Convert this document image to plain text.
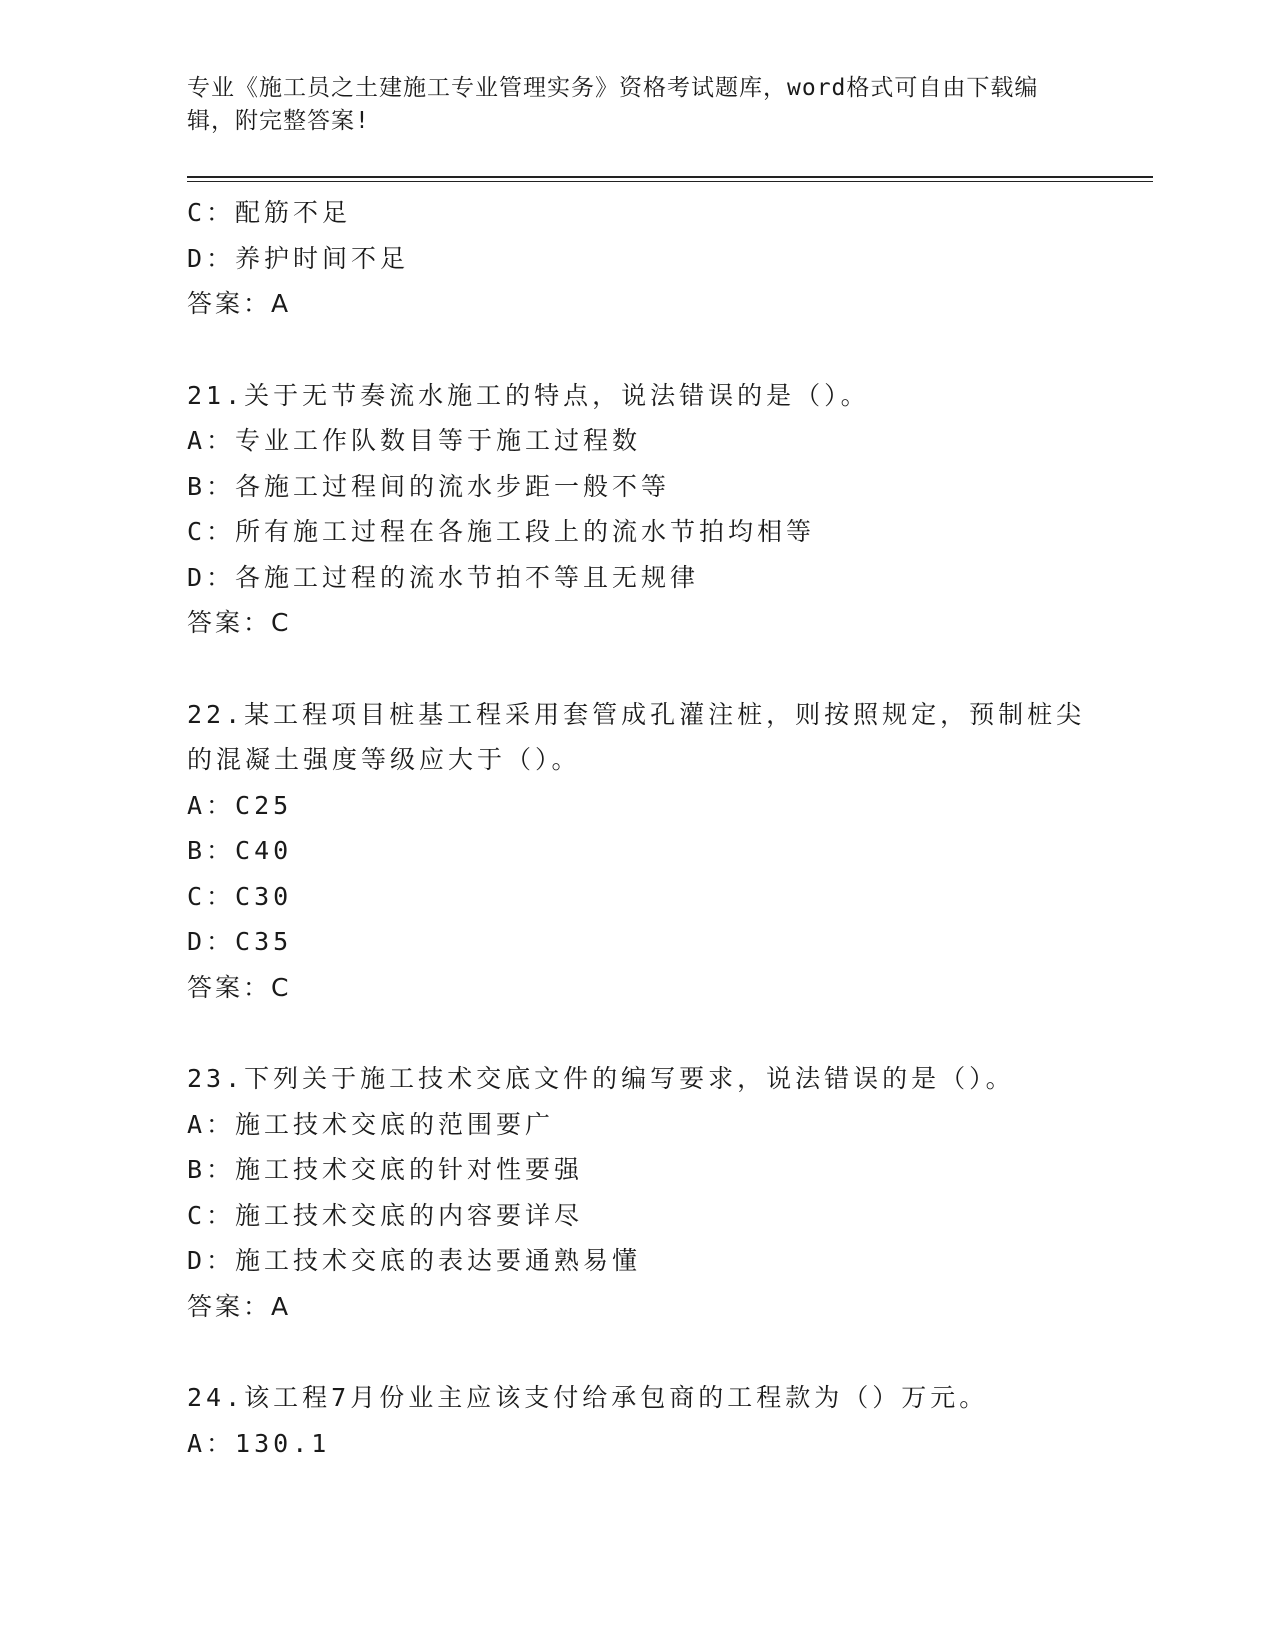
专业《施工员之土建施工专业管理实务》资格考试题库，word格式可自由下载编辑，附完整答案!
C：配筋不足
D：养护时间不足
答案：A
21.关于无节奏流水施工的特点，说法错误的是（）。
A：专业工作队数目等于施工过程数
B：各施工过程间的流水步距一般不等
C：所有施工过程在各施工段上的流水节拍均相等
D：各施工过程的流水节拍不等且无规律
答案：C
22.某工程项目桩基工程采用套管成孔灌注桩，则按照规定，预制桩尖的混凝土强度等级应大于（）。
A：C25
B：C40
C：C30
D：C35
答案：C
23.下列关于施工技术交底文件的编写要求，说法错误的是（）。
A：施工技术交底的范围要广
B：施工技术交底的针对性要强
C：施工技术交底的内容要详尽
D：施工技术交底的表达要通熟易懂
答案：A
24.该工程7月份业主应该支付给承包商的工程款为（）万元。
A：130.1
